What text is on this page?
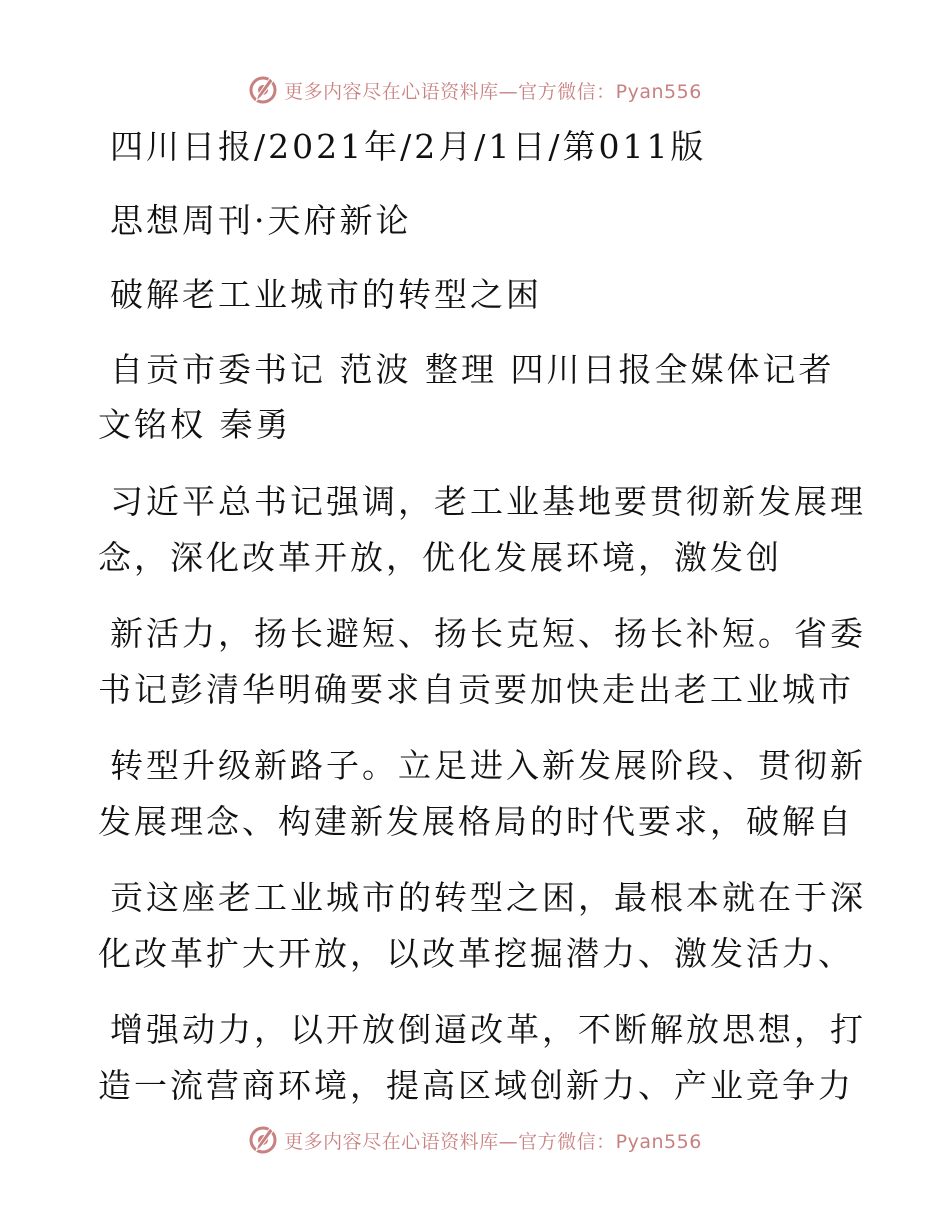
更多内容尽在心语资料库—官方微信：Pyan556
四川日报/2021年/2月/1日/第011版
思想周刊·天府新论
破解老工业城市的转型之困
自贡市委书记 范波 整理 四川日报全媒体记者
文铭权 秦勇
习近平总书记强调，老工业基地要贯彻新发展理
念，深化改革开放，优化发展环境，激发创
新活力，扬长避短、扬长克短、扬长补短。省委
书记彭清华明确要求自贡要加快走出老工业城市
转型升级新路子。立足进入新发展阶段、贯彻新
发展理念、构建新发展格局的时代要求，破解自
贡这座老工业城市的转型之困，最根本就在于深
化改革扩大开放，以改革挖掘潜力、激发活力、
增强动力，以开放倒逼改革，不断解放思想，打
造一流营商环境，提高区域创新力、产业竞争力
更多内容尽在心语资料库—官方微信：Pyan556
